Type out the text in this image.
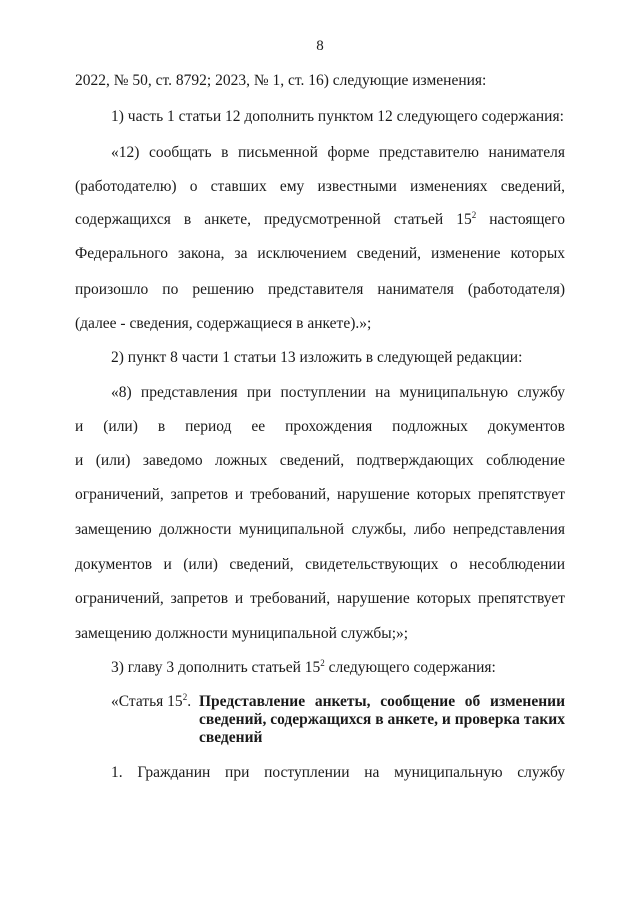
8
2022, № 50, ст. 8792; 2023, № 1, ст. 16) следующие изменения:
1) часть 1 статьи 12 дополнить пунктом 12 следующего содержания:
«12) сообщать в письменной форме представителю нанимателя
(работодателю) о ставших ему известными изменениях сведений,
содержащихся в анкете, предусмотренной статьей $15^2$ настоящего
Федерального закона, за исключением сведений, изменение которых
произошло по решению представителя нанимателя (работодателя)
(далее - сведения, содержащиеся в анкете).»;
2) пункт 8 части 1 статьи 13 изложить в следующей редакции:
«8) представления при поступлении на муниципальную службу
и (или) в период ее прохождения подложных документов
и (или) заведомо ложных сведений, подтверждающих соблюдение
ограничений, запретов и требований, нарушение которых препятствует
замещению должности муниципальной службы, либо непредставления
документов и (или) сведений, свидетельствующих о несоблюдении
ограничений, запретов и требований, нарушение которых препятствует
замещению должности муниципальной службы;»;
3) главу 3 дополнить статьей $15^2$ следующего содержания:
«Статья $15^2$. Представление анкеты, сообщение об изменении
сведений, содержащихся в анкете, и проверка таких
сведений
1. Гражданин при поступлении на муниципальную службу
